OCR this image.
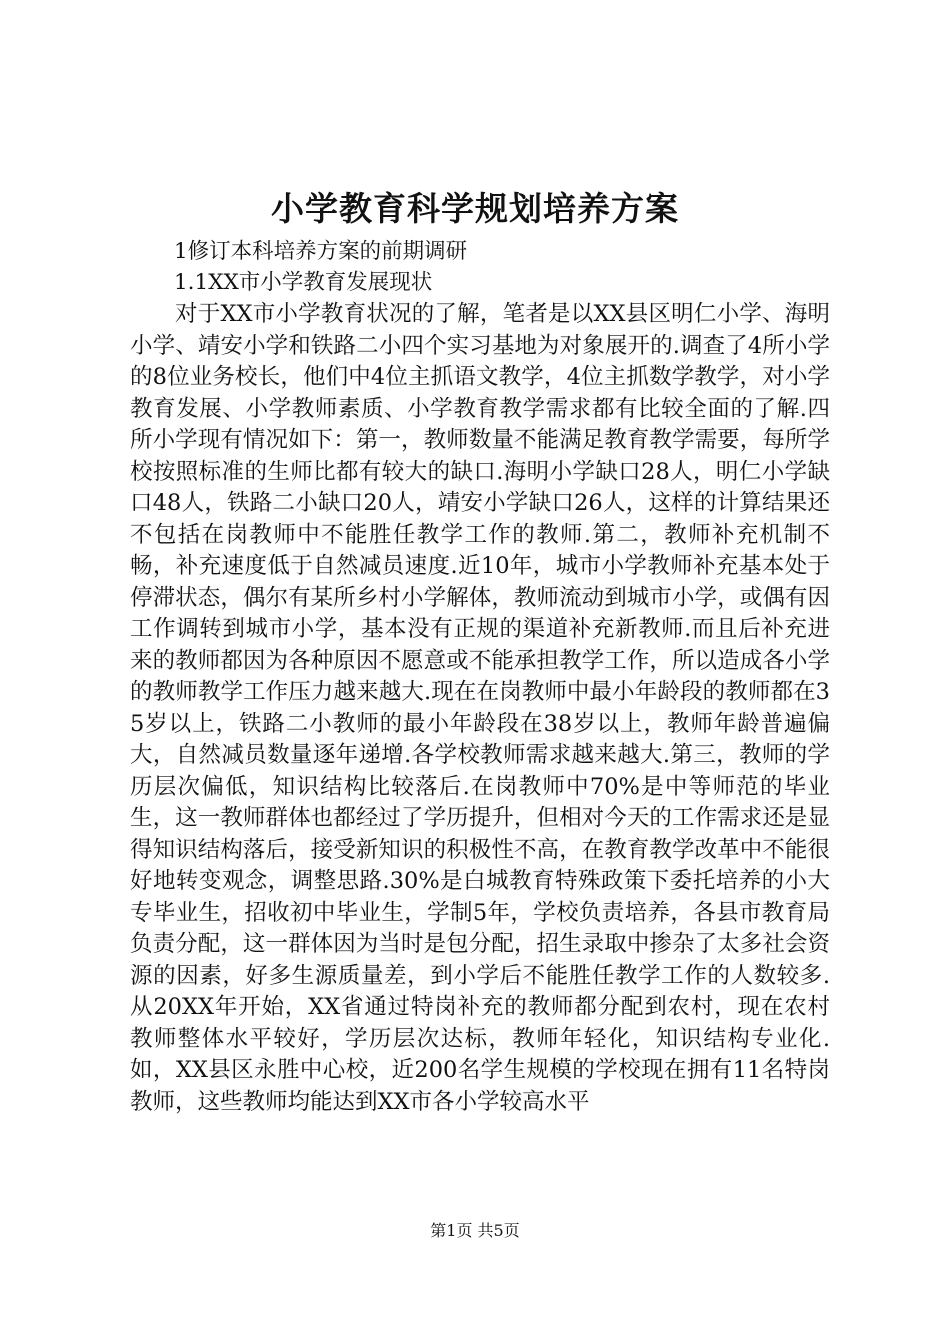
小学教育科学规划培养方案

1修订本科培养方案的前期调研

1.1XX市小学教育发展现状

对于XX市小学教育状况的了解，笔者是以XX县区明仁小学、海明小学、靖安小学和铁路二小四个实习基地为对象展开的.调查了4所小学的8位业务校长，他们中4位主抓语文教学，4位主抓数学教学，对小学教育发展、小学教师素质、小学教育教学需求都有比较全面的了解.四所小学现有情况如下：第一，教师数量不能满足教育教学需要，每所学校按照标准的生师比都有较大的缺口.海明小学缺口28人，明仁小学缺口48人，铁路二小缺口20人，靖安小学缺口26人，这样的计算结果还不包括在岗教师中不能胜任教学工作的教师.第二，教师补充机制不畅，补充速度低于自然减员速度.近10年，城市小学教师补充基本处于停滞状态，偶尔有某所乡村小学解体，教师流动到城市小学，或偶有因工作调转到城市小学，基本没有正规的渠道补充新教师.而且后补充进来的教师都因为各种原因不愿意或不能承担教学工作，所以造成各小学的教师教学工作压力越来越大.现在在岗教师中最小年龄段的教师都在35岁以上，铁路二小教师的最小年龄段在38岁以上，教师年龄普遍偏大，自然减员数量逐年递增.各学校教师需求越来越大.第三，教师的学历层次偏低，知识结构比较落后.在岗教师中70%是中等师范的毕业生，这一教师群体也都经过了学历提升，但相对今天的工作需求还是显得知识结构落后，接受新知识的积极性不高，在教育教学改革中不能很好地转变观念，调整思路.30%是白城教育特殊政策下委托培养的小大专毕业生，招收初中毕业生，学制5年，学校负责培养，各县市教育局负责分配，这一群体因为当时是包分配，招生录取中掺杂了太多社会资源的因素，好多生源质量差，到小学后不能胜任教学工作的人数较多.从20XX年开始，XX省通过特岗补充的教师都分配到农村，现在农村教师整体水平较好，学历层次达标，教师年轻化，知识结构专业化.如，XX县区永胜中心校，近200名学生规模的学校现在拥有11名特岗教师，这些教师均能达到XX市各小学较高水平

第1页 共5页
